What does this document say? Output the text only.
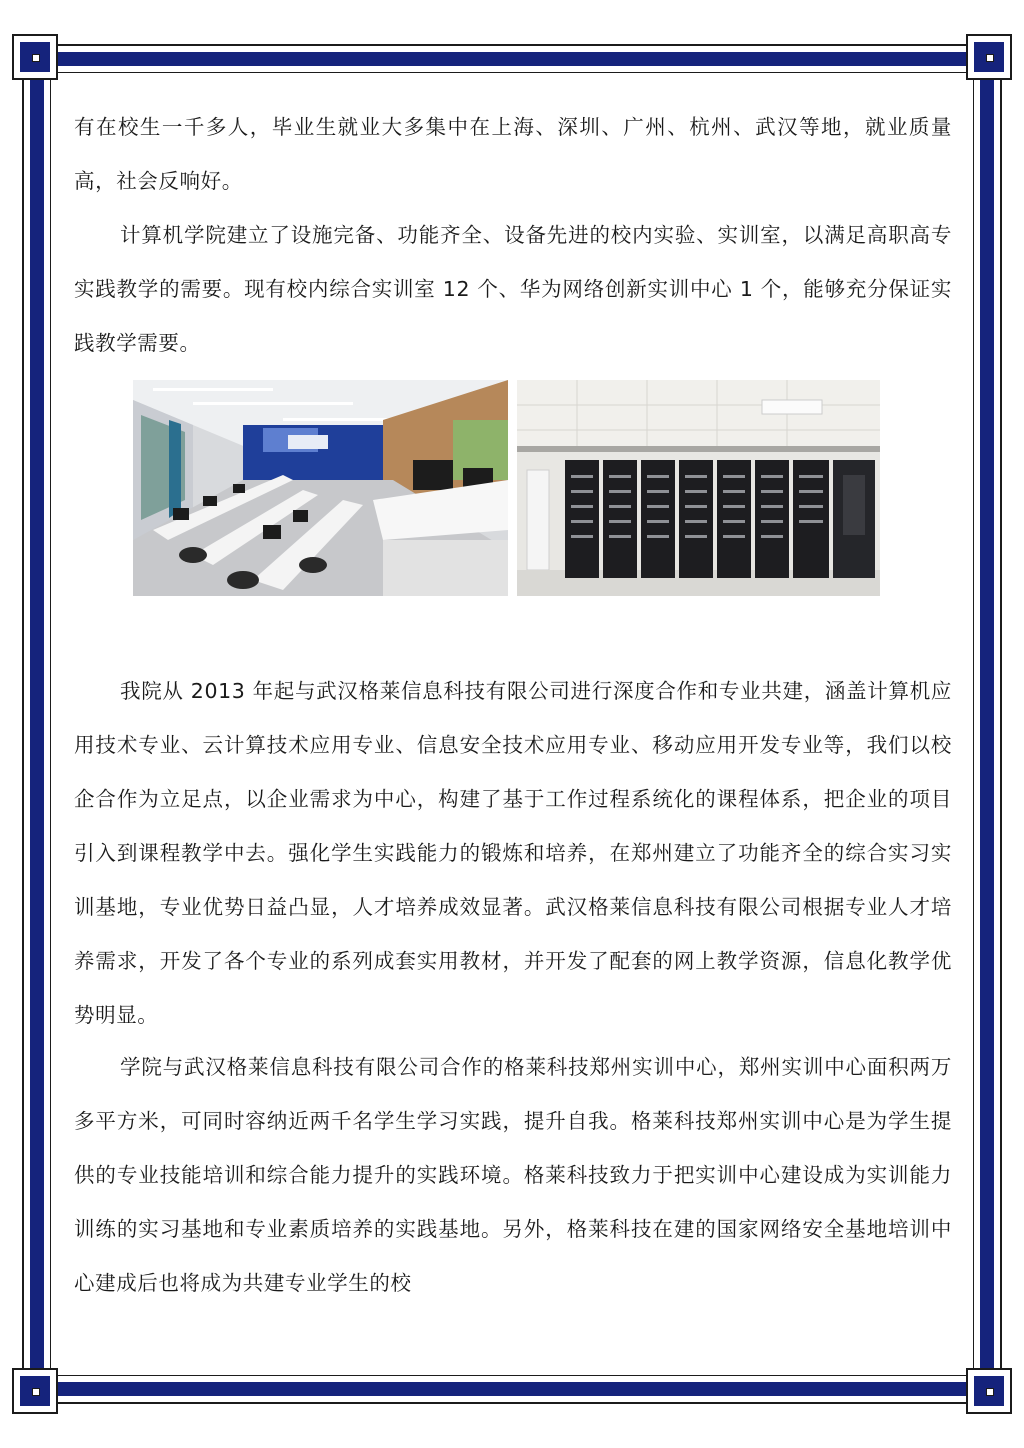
有在校生一千多人，毕业生就业大多集中在上海、深圳、广州、杭州、武汉等地，就业质量高，社会反响好。

计算机学院建立了设施完备、功能齐全、设备先进的校内实验、实训室，以满足高职高专实践教学的需要。现有校内综合实训室 12 个、华为网络创新实训中心 1 个，能够充分保证实践教学需要。

我院从 2013 年起与武汉格莱信息科技有限公司进行深度合作和专业共建，涵盖计算机应用技术专业、云计算技术应用专业、信息安全技术应用专业、移动应用开发专业等，我们以校企合作为立足点，以企业需求为中心，构建了基于工作过程系统化的课程体系，把企业的项目引入到课程教学中去。强化学生实践能力的锻炼和培养，在郑州建立了功能齐全的综合实习实训基地，专业优势日益凸显，人才培养成效显著。武汉格莱信息科技有限公司根据专业人才培养需求，开发了各个专业的系列成套实用教材，并开发了配套的网上教学资源，信息化教学优势明显。

学院与武汉格莱信息科技有限公司合作的格莱科技郑州实训中心，郑州实训中心面积两万多平方米，可同时容纳近两千名学生学习实践，提升自我。格莱科技郑州实训中心是为学生提供的专业技能培训和综合能力提升的实践环境。格莱科技致力于把实训中心建设成为实训能力训练的实习基地和专业素质培养的实践基地。另外，格莱科技在建的国家网络安全基地培训中心建成后也将成为共建专业学生的校
